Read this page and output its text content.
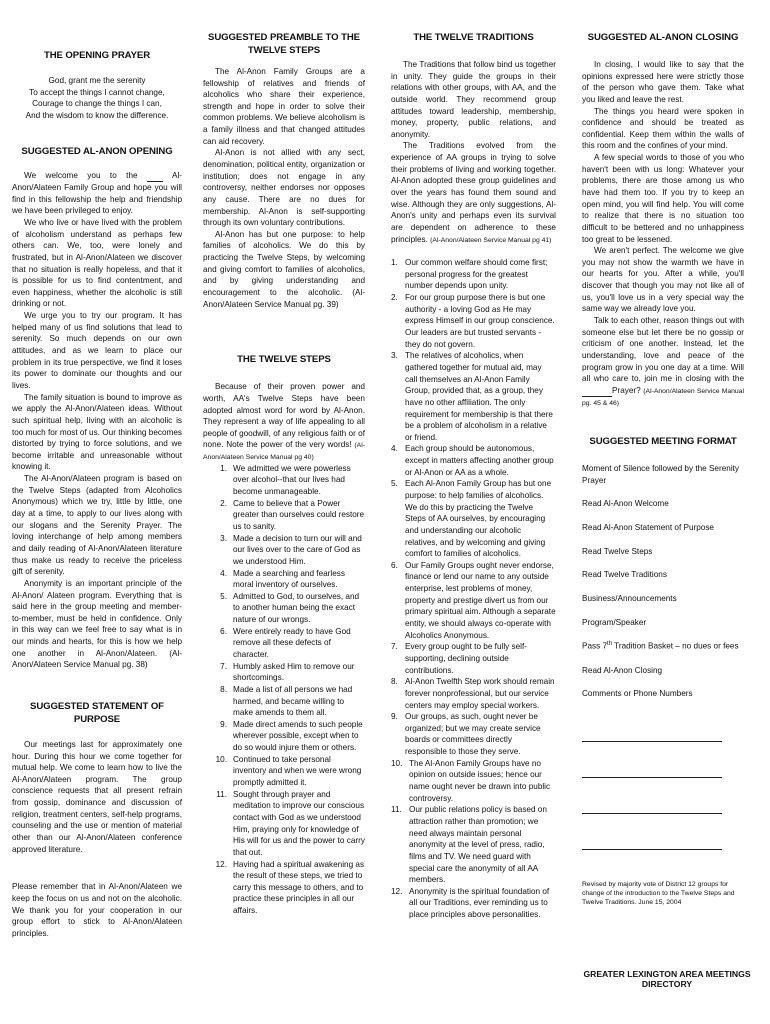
THE OPENING PRAYER
God, grant me the serenity
To accept the things I cannot change,
Courage to change the things I can,
And the wisdom to know the difference.
SUGGESTED AL-ANON OPENING

We welcome you to the	Al-Anon/Alateen Family Group and hope you will find in this fellowship the help and friendship we have been privileged to enjoy.

We who live or have lived with the problem of alcoholism understand as perhaps few others can. We, too, were lonely and frustrated, but in Al-Anon/Alateen we discover that no situation is really hopeless, and that it is possible for us to find contentment, and even happiness, whether the alcoholic is still drinking or not.

We urge you to try our program. It has helped many of us find solutions that lead to serenity. So much depends on our own attitudes, and as we learn to place our problem in its true perspective, we find it loses its power to dominate our thoughts and our lives.

The family situation is bound to improve as we apply the Al-Anon/Alateen ideas. Without such spiritual help, living with an alcoholic is too much for most of us. Our thinking becomes distorted by trying to force solutions, and we become irritable and unreasonable without knowing it.

The Al-Anon/Alateen program is based on the Twelve Steps (adapted from Alcoholics Anonymous) which we try, little by little, one day at a time, to apply to our lives along with our slogans and the Serenity Prayer. The loving interchange of help among members and daily reading of Al-Anon/Alateen literature thus make us ready to receive the priceless gift of serenity.

Anonymity is an important principle of the Al-Anon/ Alateen program. Everything that is said here in the group meeting and member-to-member, must be held in confidence. Only in this way can we feel free to say what is in our minds and hearts, for this is how we help one another in Al-Anon/Alateen. (Al-Anon/Alateen Service Manual pg. 38)

SUGGESTED STATEMENT OF PURPOSE

Our meetings last for approximately one hour. During this hour we come together for mutual help. We come to learn how to live the Al-Anon/Alateen program. The group conscience requests that all present refrain from gossip, dominance and discussion of religion, treatment centers, self-help programs, counseling and the use or mention of material other than our Al-Anon/Alateen conference approved literature.

Please remember that in Al-Anon/Alateen we keep the focus on us and not on the alcoholic. We thank you for your cooperation in our group effort to stick to Al-Anon/Alateen principles.

SUGGESTED PREAMBLE TO THE TWELVE STEPS

The Al-Anon Family Groups are a fellowship of relatives and friends of alcoholics who share their experience, strength and hope in order to solve their common problems. We believe alcoholism is a family illness and that changed attitudes can aid recovery.

Al-Anon is not allied with any sect, denomination, political entity, organization or institution; does not engage in any controversy, neither endorses nor opposes any cause. There are no dues for membership. Al-Anon is self-supporting through its own voluntary contributions.

Al-Anon has but one purpose: to help families of alcoholics. We do this by practicing the Twelve Steps, by welcoming and giving comfort to families of alcoholics, and by giving understanding and encouragement to the alcoholic. (Al-Anon/Alateen Service Manual pg. 39)

THE TWELVE STEPS

Because of their proven power and worth, AA's Twelve Steps have been adopted almost word for word by Al-Anon. They represent a way of life appealing to all people of goodwill, of any religious faith or of none. Note the power of the very words! (Al-Anon/Alateen Service Manual pg 40)

1. We admitted we were powerless over alcohol--that our lives had become unmanageable.
2. Came to believe that a Power greater than ourselves could restore us to sanity.
3. Made a decision to turn our will and our lives over to the care of God as we understood Him.
4. Made a searching and fearless moral inventory of ourselves.
5. Admitted to God, to ourselves, and to another human being the exact nature of our wrongs.
6. Were entirely ready to have God remove all these defects of character.
7. Humbly asked Him to remove our shortcomings.
8. Made a list of all persons we had harmed, and became willing to make amends to them all.
9. Made direct amends to such people wherever possible, except when to do so would injure them or others.
10. Continued to take personal inventory and when we were wrong promptly admitted it.
11. Sought through prayer and meditation to improve our conscious contact with God as we understood Him, praying only for knowledge of His will for us and the power to carry that out.
12. Having had a spiritual awakening as the result of these steps, we tried to carry this message to others, and to practice these principles in all our affairs.
THE TWELVE TRADITIONS

The Traditions that follow bind us together in unity. They guide the groups in their relations with other groups, with AA, and the outside world. They recommend group attitudes toward leadership, membership, money, property, public relations, and anonymity.

The Traditions evolved from the experience of AA groups in trying to solve their problems of living and working together. Al-Anon adopted these group guidelines and over the years has found them sound and wise. Although they are only suggestions, Al-Anon's unity and perhaps even its survival are dependent on adherence to these principles. (Al-Anon/Alateen Service Manual pg 41)

1. Our common welfare should come first; personal progress for the greatest number depends upon unity.
2. For our group purpose there is but one authority - a loving God as He may express Himself in our group conscience. Our leaders are but trusted servants - they do not govern.
3. The relatives of alcoholics, when gathered together for mutual aid, may call themselves an Al-Anon Family Group, provided that, as a group, they have no other affiliation. The only requirement for membership is that there be a problem of alcoholism in a relative or friend.
4. Each group should be autonomous, except in matters affecting another group or Al-Anon or AA as a whole.
5. Each Al-Anon Family Group has but one purpose: to help families of alcoholics. We do this by practicing the Twelve Steps of AA ourselves, by encouraging and understanding our alcoholic relatives, and by welcoming and giving comfort to families of alcoholics.
6. Our Family Groups ought never endorse, finance or lend our name to any outside enterprise, lest problems of money, property and prestige divert us from our primary spiritual aim. Although a separate entity, we should always co-operate with Alcoholics Anonymous.
7. Every group ought to be fully self-supporting, declining outside contributions.
8. Al-Anon Twelfth Step work should remain forever nonprofessional, but our service centers may employ special workers.
9. Our groups, as such, ought never be organized; but we may create service boards or committees directly responsible to those they serve.
10. The Al-Anon Family Groups have no opinion on outside issues; hence our name ought never be drawn into public controversy.
11. Our public relations policy is based on attraction rather than promotion; we need always maintain personal anonymity at the level of press, radio, films and TV. We need guard with special care the anonymity of all AA members.
12. Anonymity is the spiritual foundation of all our Traditions, ever reminding us to place principles above personalities.
SUGGESTED AL-ANON CLOSING

In closing, I would like to say that the opinions expressed here were strictly those of the person who gave them. Take what you liked and leave the rest.

The things you heard were spoken in confidence and should be treated as confidential. Keep them within the walls of this room and the confines of your mind.

A few special words to those of you who haven't been with us long: Whatever your problems, there are those among us who have had them too. If you try to keep an open mind, you will find help. You will come to realize that there is no situation too difficult to be bettered and no unhappiness too great to be lessened.

We aren't perfect. The welcome we give you may not show the warmth we have in our hearts for you. After a while, you'll discover that though you may not like all of us, you'll love us in a very special way the same way we already love you.

Talk to each other, reason things out with someone else but let there be no gossip or criticism of one another. Instead, let the understanding, love and peace of the program grow in you one day at a time. Will all who care to, join me in closing with the Prayer? (Al-Anon/Alateen Service Manual pg. 45 & 46)

SUGGESTED MEETING FORMAT
Moment of Silence followed by the Serenity Prayer
Read Al-Anon Welcome
Read Al-Anon Statement of Purpose
Read Twelve Steps
Read Twelve Traditions
Business/Announcements
Program/Speaker
Pass 7th Tradition Basket – no dues or fees
Read Al-Anon Closing
Comments or Phone Numbers

Revised by majority vote of District 12 groups for change of the introduction to the Twelve Steps and Twelve Traditions. June 15, 2004

GREATER LEXINGTON AREA MEETINGS DIRECTORY
